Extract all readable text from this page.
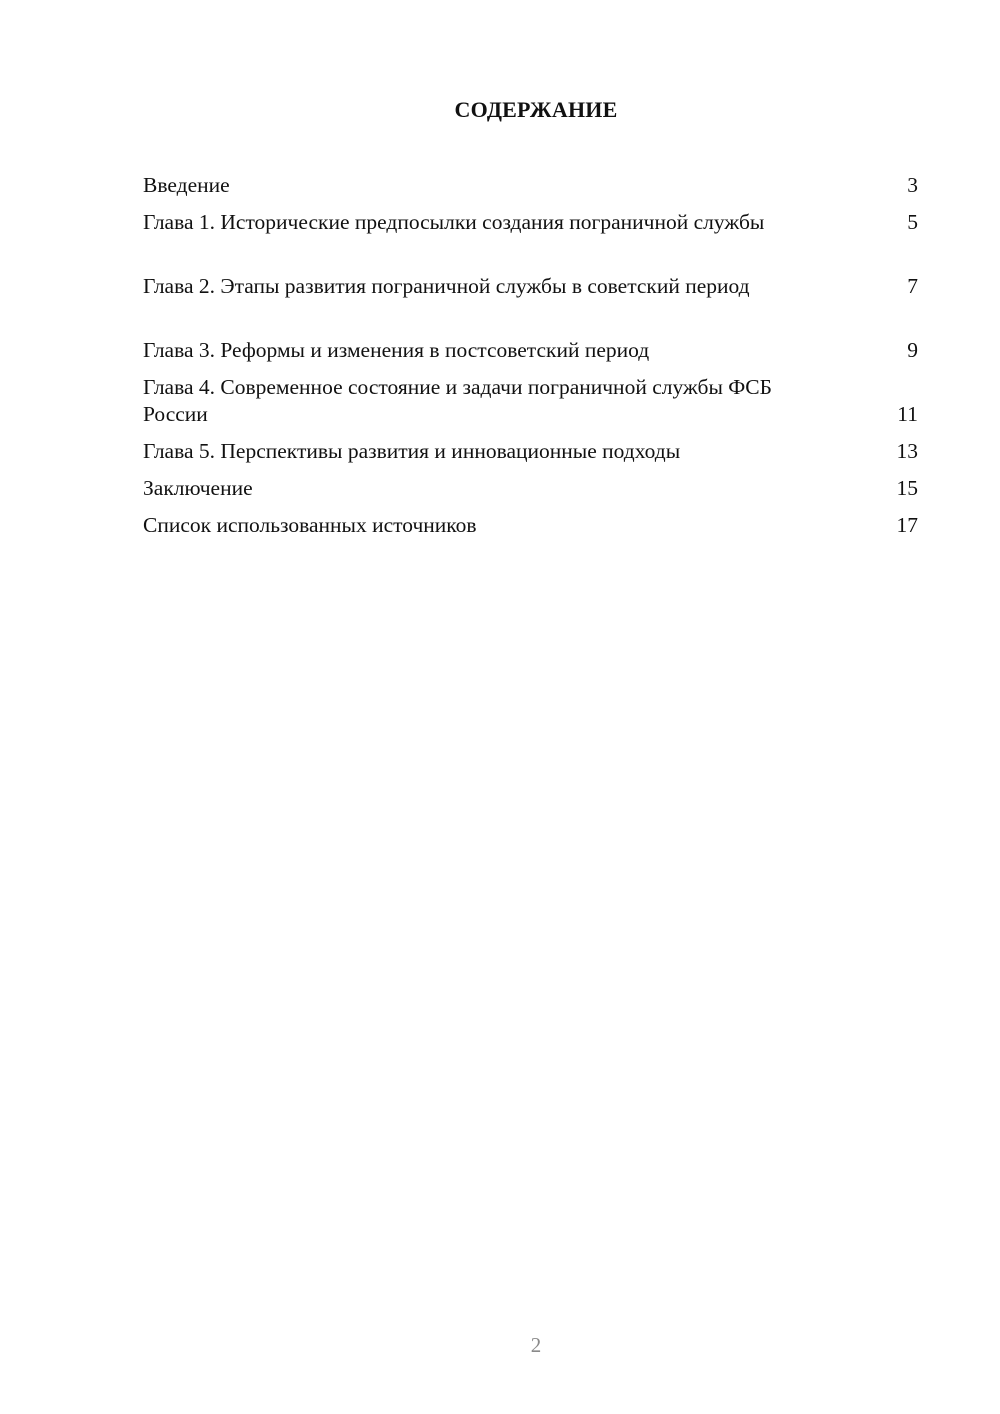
СОДЕРЖАНИЕ
Введение	3
Глава 1. Исторические предпосылки создания пограничной службы	5
Глава 2. Этапы развития пограничной службы в советский период	7
Глава 3. Реформы и изменения в постсоветский период	9
Глава 4. Современное состояние и задачи пограничной службы ФСБ России	11
Глава 5. Перспективы развития и инновационные подходы	13
Заключение	15
Список использованных источников	17
2
